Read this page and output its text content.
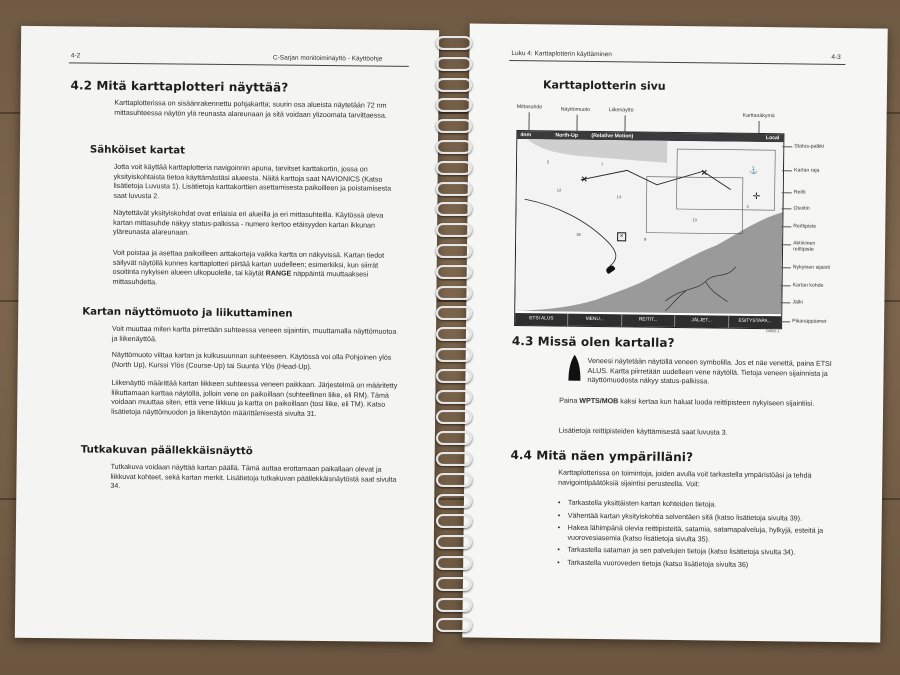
4-2	C-Sarjan monitoiminäyttö - Käyttöohje
4.2 Mitä karttaplotteri näyttää?

Karttaplotterissa on sisäänrakennettu pohjakartta; suurin osa alueista näytetään 72 nm mittasuhteessa näytön ylä reunasta alareunaan ja sitä voidaan ylizoomata tarvittaessa.

Sähköiset kartat

Jotta voit käyttää karttaplotteria navigoinnin apuna, tarvitset karttakortin, jossa on yksityiskohtaista tietoa käyttämästäsi alueesta. Näitä karttoja saat NAVIONICS (Katso lisätietoja Luvusta 1). Lisätietoja karttakorttien asettamisesta paikoilleen ja poistamisesta saat luvusta 2.

Näytettävät yksityiskohdat ovat erilaisia eri alueilla ja eri mittasuhteilla. Käytössä oleva kartan mittasuhde näkyy status-palkissa - numero kertoo etäisyyden kartan ikkunan yläreunasta alareunaan.

Voit poistaa ja asettaa paikoilleen arttakorteja vaikka kartta on näkyvissä. Kartan tiedot säilyvät näytöllä kunnes karttaplotteri piirtää kartan uudelleen; esimerkiksi, kun siirrät osoitinta nykyisen alueen ulkopuolelle, tai käytät RANGE näppäintä muuttaaksesi mittasuhdetta.

Kartan näyttömuoto ja liikuttaminen

Voit muuttaa miten kartta piirretään suhteessa veneen sijaintiin, muuttamalla näyttömuotoa ja liikenäyttöä.

Näyttömuoto viittaa kartan ja kulkusuunnan suhteeseen. Käytössä voi olla Pohjoinen ylös (North Up), Kurssi Ylös (Course-Up) tai Suunta Ylös (Head-Up).

Liikenäyttö määrittää kartan liikkeen suhteessa veneen paikkaan. Järjestelmä on määritetty liikuttamaan karttaa näytöllä, jolloin vene on paikoillaan (suhteellinen liike, eli RM). Tämä voidaan muuttaa siten, että vene liikkuu ja kartta on paikoillaan (tosi liike, eli TM). Katso lisätietoja näyttömuodon ja liikenäytön määrittämisestä sivulta 31.

Tutkakuvan päällekkäisnäyttö

Tutkakuva voidaan näyttää kartan päällä. Tämä auttaa erottamaan paikallaan olevat ja liikkuvat kohteet, sekä kartan merkit. Lisätietoja tutkakuvan päällekkäisnäytöstä saat sivulta 34.

Luku 4: Karttaplotterin käyttäminen	4-3
Karttaplotterin sivu
Mittasuhde	Näyttömuoto	Liikenäyttö
Karttanäkymä
4nm	North-Up	(Relative Motion)	Local
5
7
12
14
18
8
10
3
✕
✕
✕
✛
⚓
ETSI ALUS	MENU...	REITIT...	JÄLJET...	ESITYSTAPA...
D8801-1
Status-palkki
Kartan raja
Reitti
Osoitin
Reittipiste
Aktiivinen reittipiste
Nykyinen sijainti
Kartan kohde
Jälki
Pikanäppäimet
4.3 Missä olen kartalla?

Veneesi näytetään näytöllä veneen symbolilla. Jos et näe venettä, paina ETSI ALUS. Kartta piirretään uudelleen vene näytöllä. Tietoja veneen sijainnista ja näyttömuodosta näkyy status-palkissa.

Paina WPTS/MOB kaksi kertaa kun haluat luoda reittipisteen nykyiseen sijaintiisi.

Lisätietoja reittipisteiden käyttämisestä saat luvusta 3.

4.4 Mitä näen ympärilläni?

Karttaplotterissa on toimintoja, joiden avulla voit tarkastella ympäristöäsi ja tehdä navigointipäätöksiä sijaintisi perusteella. Voit:

• Tarkastella yksittäisten kartan kohteiden tietoja.
• Vähentää kartan yksityiskohtia selventäen sitä (katso lisätietoja sivulta 39).
• Hakea lähimpänä olevia reittipisteitä, satamia, satamapalveluja, hylkyjä, esteitä ja vuorovesiasemia (katso lisätietoja sivulta 35).
• Tarkastella sataman ja sen palvelujen tietoja (katso lisätietoja sivulta 34).
• Tarkastella vuoroveden tietoja (katso lisätietoja sivulta 36)
